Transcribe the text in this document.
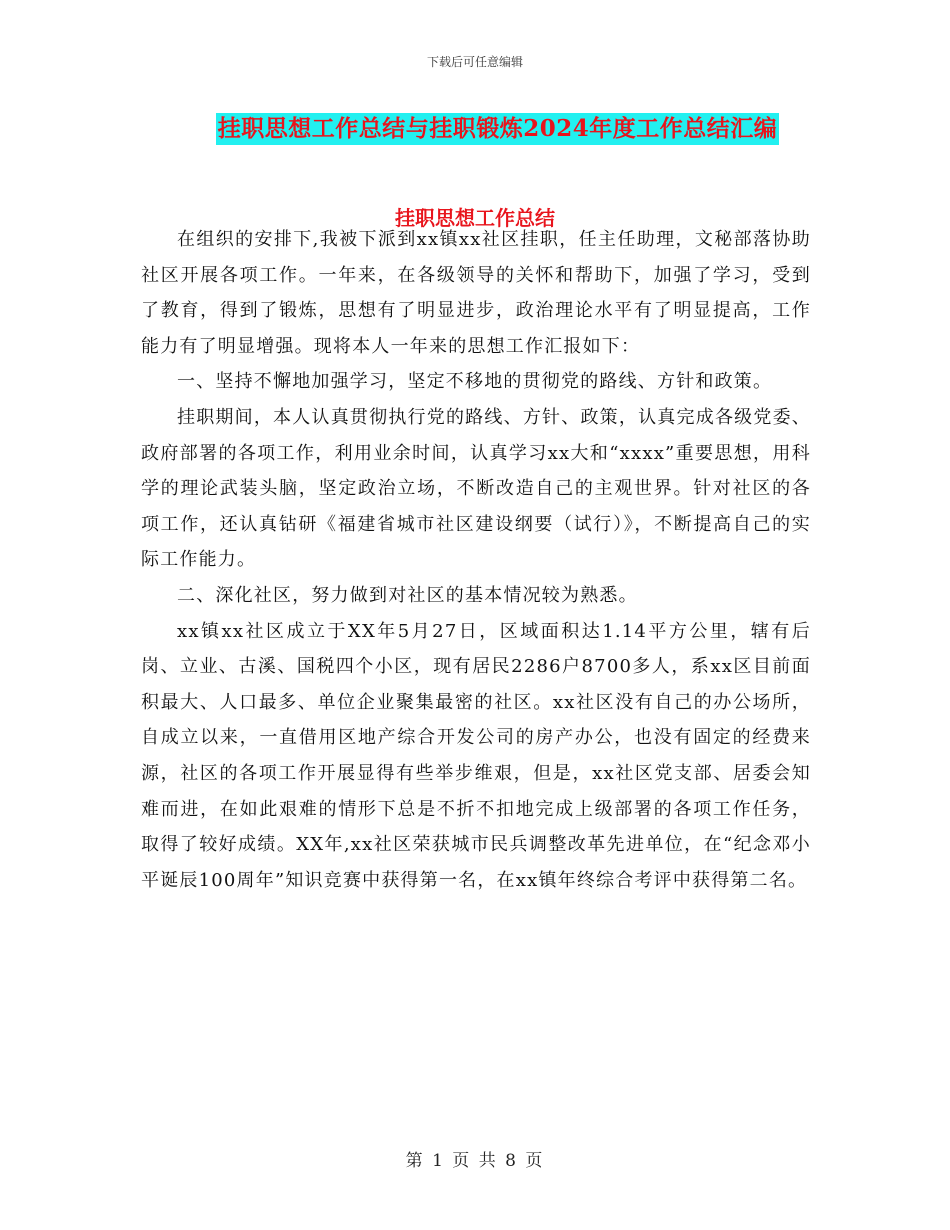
下载后可任意编辑
挂职思想工作总结与挂职锻炼2024年度工作总结汇编
挂职思想工作总结

在组织的安排下,我被下派到xx镇xx社区挂职，任主任助理，文秘部落协助社区开展各项工作。一年来，在各级领导的关怀和帮助下，加强了学习，受到了教育，得到了锻炼，思想有了明显进步，政治理论水平有了明显提高，工作能力有了明显增强。现将本人一年来的思想工作汇报如下：

一、坚持不懈地加强学习，坚定不移地的贯彻党的路线、方针和政策。

挂职期间，本人认真贯彻执行党的路线、方针、政策，认真完成各级党委、政府部署的各项工作，利用业余时间，认真学习xx大和“xxxx”重要思想，用科学的理论武装头脑，坚定政治立场，不断改造自己的主观世界。针对社区的各项工作，还认真钻研《福建省城市社区建设纲要（试行）》，不断提高自己的实际工作能力。

二、深化社区，努力做到对社区的基本情况较为熟悉。

xx镇xx社区成立于XX年5月27日，区域面积达1.14平方公里，辖有后岗、立业、古溪、国税四个小区，现有居民2286户8700多人，系xx区目前面积最大、人口最多、单位企业聚集最密的社区。xx社区没有自己的办公场所，自成立以来，一直借用区地产综合开发公司的房产办公，也没有固定的经费来源，社区的各项工作开展显得有些举步维艰，但是，xx社区党支部、居委会知难而进，在如此艰难的情形下总是不折不扣地完成上级部署的各项工作任务，取得了较好成绩。XX年,xx社区荣获城市民兵调整改革先进单位，在“纪念邓小平诞辰100周年”知识竞赛中获得第一名，在xx镇年终综合考评中获得第二名。

第 1 页 共 8 页
